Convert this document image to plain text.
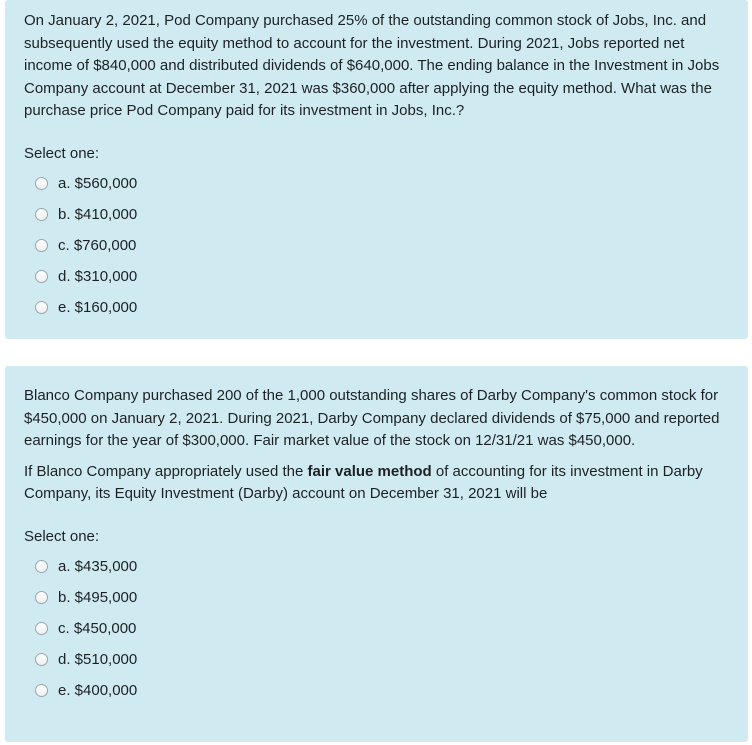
On January 2, 2021, Pod Company purchased 25% of the outstanding common stock of Jobs, Inc. and subsequently used the equity method to account for the investment. During 2021, Jobs reported net income of $840,000 and distributed dividends of $640,000. The ending balance in the Investment in Jobs Company account at December 31, 2021 was $360,000 after applying the equity method. What was the purchase price Pod Company paid for its investment in Jobs, Inc.?

Select one:
a. $560,000
b. $410,000
c. $760,000
d. $310,000
e. $160,000

Blanco Company purchased 200 of the 1,000 outstanding shares of Darby Company's common stock for $450,000 on January 2, 2021. During 2021, Darby Company declared dividends of $75,000 and reported earnings for the year of $300,000. Fair market value of the stock on 12/31/21 was $450,000.

If Blanco Company appropriately used the fair value method of accounting for its investment in Darby Company, its Equity Investment (Darby) account on December 31, 2021 will be

Select one:
a. $435,000
b. $495,000
c. $450,000
d. $510,000
e. $400,000
